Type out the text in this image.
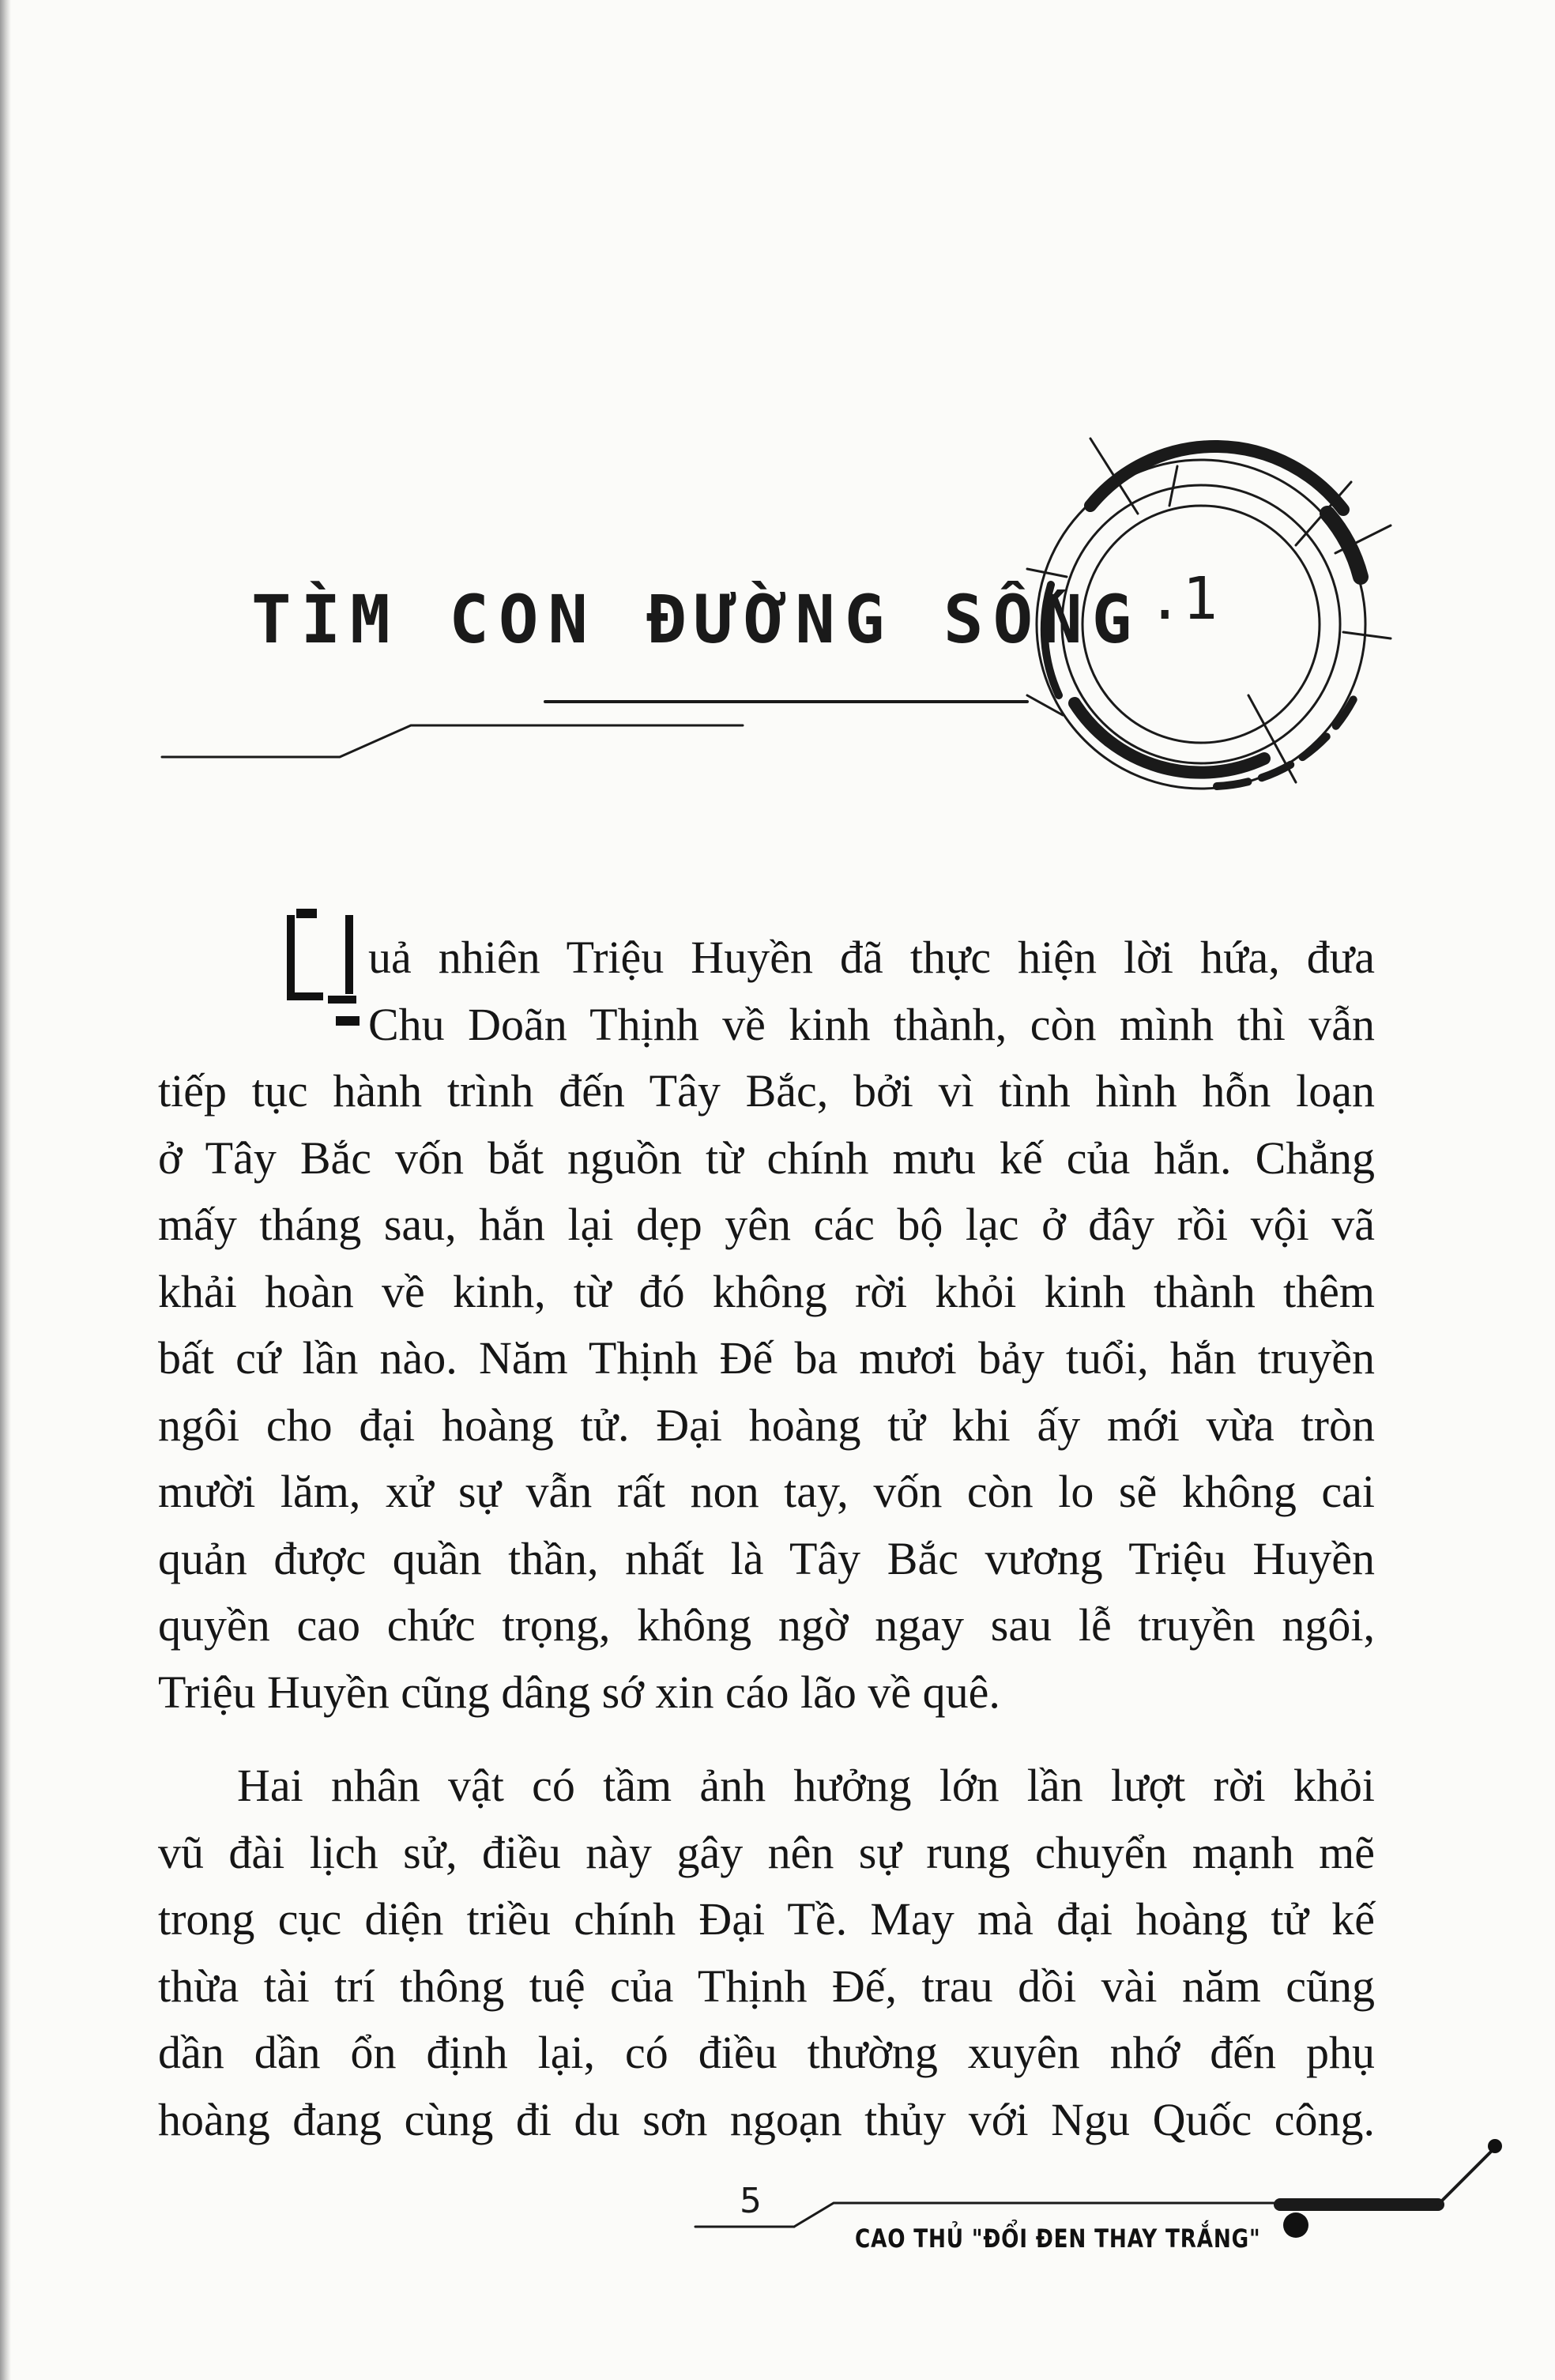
TÌM CON ĐƯỜNG SỐNG .1
uả nhiên Triệu Huyền đã thực hiện lời hứa, đưa
Chu Doãn Thịnh về kinh thành, còn mình thì vẫn
tiếp tục hành trình đến Tây Bắc, bởi vì tình hình hỗn loạn
ở Tây Bắc vốn bắt nguồn từ chính mưu kế của hắn. Chẳng
mấy tháng sau, hắn lại dẹp yên các bộ lạc ở đây rồi vội vã
khải hoàn về kinh, từ đó không rời khỏi kinh thành thêm
bất cứ lần nào. Năm Thịnh Đế ba mươi bảy tuổi, hắn truyền
ngôi cho đại hoàng tử. Đại hoàng tử khi ấy mới vừa tròn
mười lăm, xử sự vẫn rất non tay, vốn còn lo sẽ không cai
quản được quần thần, nhất là Tây Bắc vương Triệu Huyền
quyền cao chức trọng, không ngờ ngay sau lễ truyền ngôi,
Triệu Huyền cũng dâng sớ xin cáo lão về quê.
Hai nhân vật có tầm ảnh hưởng lớn lần lượt rời khỏi
vũ đài lịch sử, điều này gây nên sự rung chuyển mạnh mẽ
trong cục diện triều chính Đại Tề. May mà đại hoàng tử kế
thừa tài trí thông tuệ của Thịnh Đế, trau dồi vài năm cũng
dần dần ổn định lại, có điều thường xuyên nhớ đến phụ
hoàng đang cùng đi du sơn ngoạn thủy với Ngu Quốc công.
5
CAO THỦ "ĐỔI ĐEN THAY TRẮNG"
